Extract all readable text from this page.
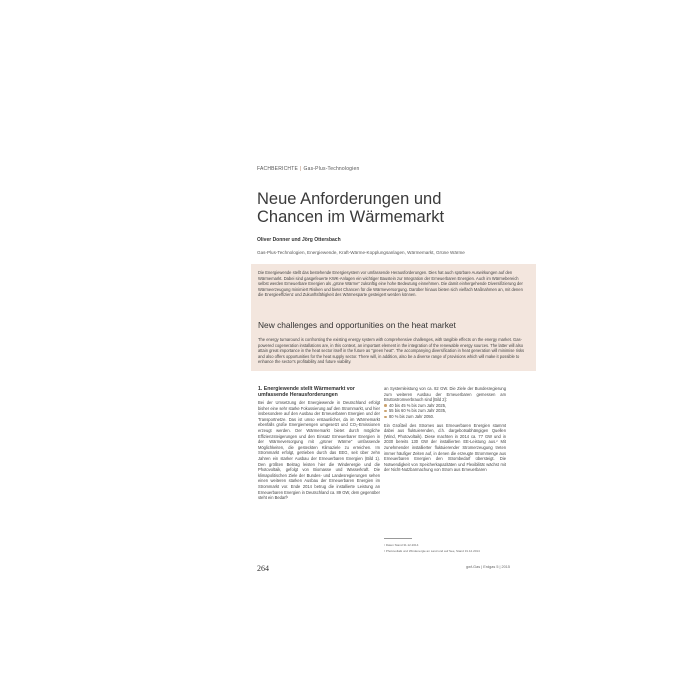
FACHBERICHTE | Gas-Plus-Technologien
Neue Anforderungen und Chancen im Wärmemarkt
Oliver Donner und Jörg Ottersbach
Gas-Plus-Technologien, Energiewende, Kraft-Wärme-Kopplungsanlagen, Wärmemarkt, Grüne Wärme
Die Energiewende stellt das bestehende Energiesystem vor umfassende Herausforderungen. Dies hat auch spürbare Auswirkungen auf den Wärmemarkt. Dabei sind gasgefeuerte KWK-Anlagen ein wichtiger Baustein zur Integration der Erneuerbaren Energien. Auch im Wärmebereich selbst werden Erneuerbare Energien als „grüne Wärme“ zukünftig eine hohe Bedeutung einnehmen. Die damit einhergehende Diversifizierung der Wärmeerzeugung minimiert Risiken und bietet Chancen für die Wärmeversorgung. Darüber hinaus bieten sich vielfach Maßnahmen an, mit denen die Energieeffizienz und Zukunftsfähigkeit des Wärmesparte gesteigert werden können.
New challenges and opportunities on the heat market
The energy turnaround is confronting the existing energy system with comprehensive challenges, with tangible effects on the energy market. Gas-powered cogeneration installations are, in this context, an important element in the integration of the renewable energy sources. The latter will also attain great importance in the heat sector itself in the future as "green heat". The accompanying diversification in heat generation will minimise risks and also offers opportunities for the heat supply sector. There will, in addition, also be a diverse range of provisions which will make it possible to enhance the sector's profitability and future viability.
1. Energiewende stellt Wärmemarkt vor umfassende Herausforderungen
Bei der Umsetzung der Energiewende in Deutschland erfolgt bisher eine sehr starke Fokussierung auf den Strommarkt, und hier insbesondere auf den Ausbau der Erneuerbaren Energien und der Transportnetze. Das ist umso erstaunlicher, da im Wärmemarkt ebenfalls große Energiemengen umgesetzt und CO₂-Emissionen erzeugt werden. Der Wärmemarkt bietet durch mögliche Effizienzsteigerungen und den Einsatz Erneuerbarer Energien in der Wärmeversorgung mit „grüner Wärme“ umfassende Möglichkeiten, die gesteckten Klimaziele zu erreichen. Im Strommarkt erfolgt, getrieben durch das EEG, seit über zehn Jahren ein starker Ausbau der Erneuerbaren Energien (Bild 1). Den größten Beitrag leisten hier die Windenergie und die Photovoltaik, gefolgt von Biomasse und Wasserkraft. Die klimapolitischen Ziele der Bundes- und Landesregierungen sehen einen weiteren starken Ausbau der Erneuerbaren Energien im Strommarkt vor. Ende 2014 betrug die installierte Leistung an Erneuerbaren Energien in Deutschland ca. 89 GW, dem gegenüber steht ein Bedarf¹
an Systemleistung von ca. 82 GW. Die Ziele der Bundesregierung zum weiteren Ausbau der Erneuerbaren gemessen am Bruttostromverbrauch sind [Bild 2]:
40 bis 45 % bis zum Jahr 2025,
55 bis 60 % bis zum Jahr 2035,
80 % bis zum Jahr 2050.
Ein Großteil des Stromes aus Erneuerbaren Energien stammt dabei aus fluktuierenden, d.h. dargebotsabhängigen Quellen (Wind, Photovoltaik). Diese machten in 2014 ca. 77 GW und in 2030 bereits 130 GW der installierten EE-Leistung aus.² Mit zunehmender installierter fluktuierender Stromerzeugung treten immer häufiger Zeiten auf, in denen die erzeugte Strommenge aus Erneuerbaren Energien den Strombedarf übersteigt. Die Notwendigkeit von Speicherkapazitäten und Flexibilität wächst mit der Nicht-Nutzbarmachung von Strom aus Erneuerbaren
¹ Daten Stand 31.12.2014
² Photovoltaik und Windenergie an Land und auf See, Stand 31.12.2014
264	gwf-Gas | Erdgas 5 | 2015
